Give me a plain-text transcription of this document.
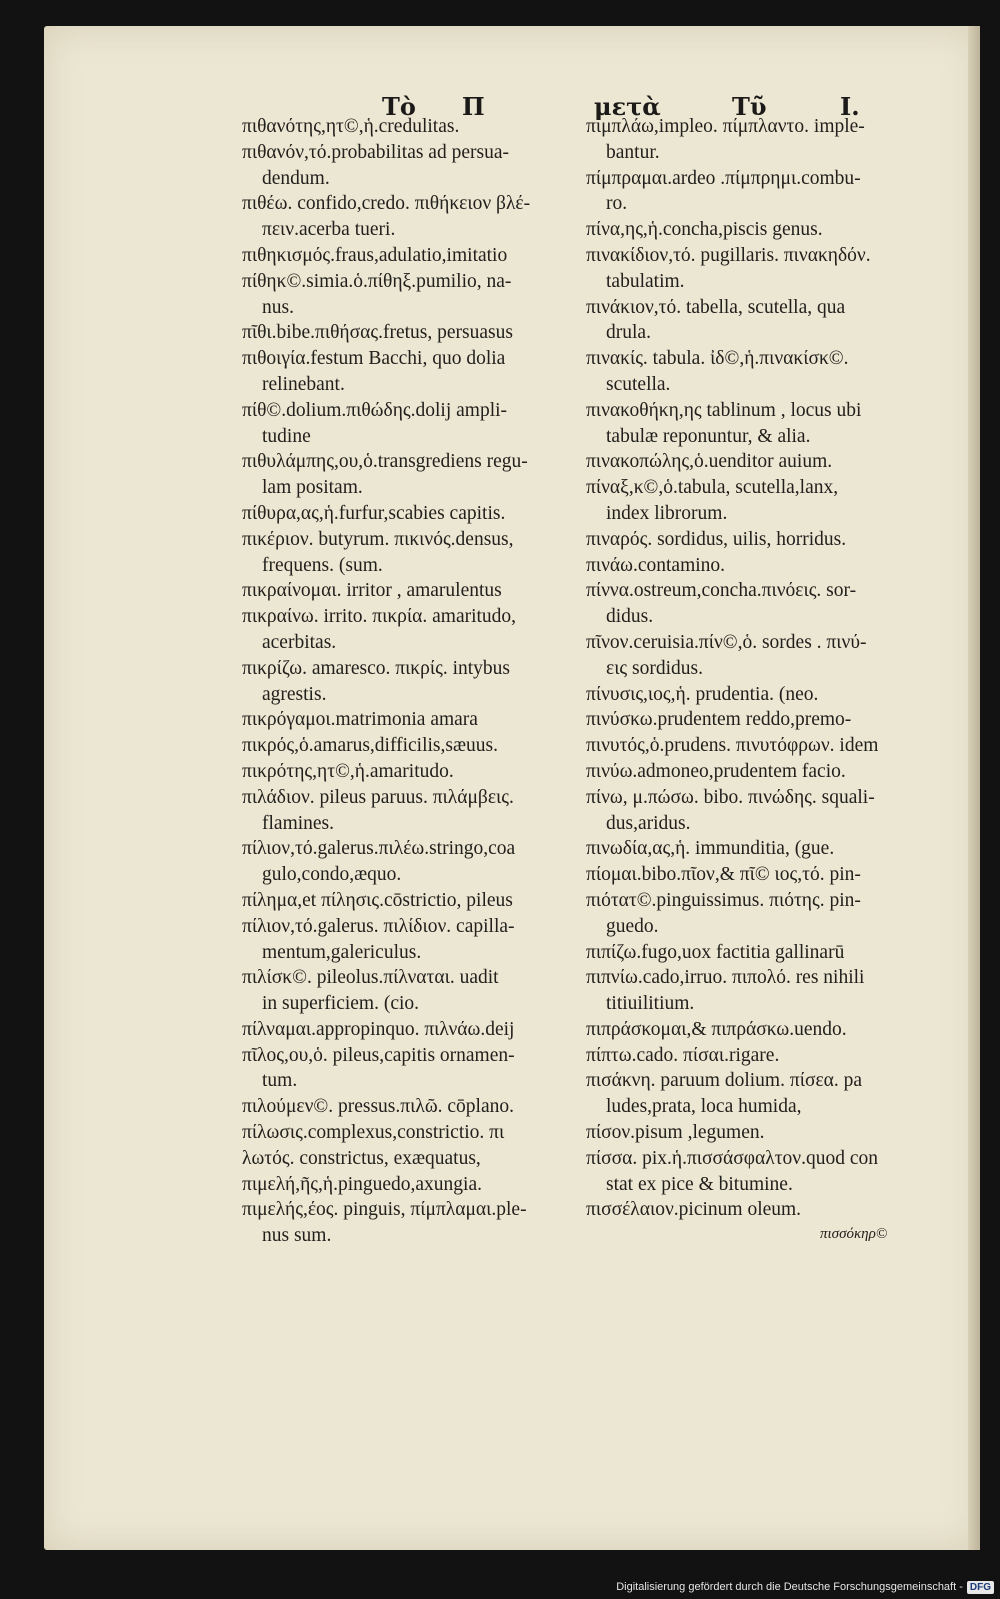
Τὸ Π	μετὰ	Τῦ	Ι.
πιθανότης,ητ©,ἡ.credulitas.
πιθανόν,τό.probabilitas ad persua-
dendum.
πιθέω. confido,credo. πιθήκειον βλέ-
πειν.acerba tueri.
πιθηκισμός.fraus,adulatio,imitatio
πίθηκ©.simia.ὁ.πίθηξ.pumilio, na-
nus.
πῖθι.bibe.πιθήσας.fretus, persuasus
πιθοιγία.festum Bacchi, quo dolia
relinebant.
πίθ©.dolium.πιθώδης.dolij ampli-
tudine
πιθυλάμπης,ου,ὁ.transgrediens regu-
lam positam.
πίθυρα,ας,ἡ.furfur,scabies capitis.
πικέριον. butyrum. πικινός.densus,
frequens. (sum.
πικραίνομαι. irritor , amarulentus
πικραίνω. irrito. πικρία. amaritudo,
acerbitas.
πικρίζω. amaresco. πικρίς. intybus
agrestis.
πικρόγαμοι.matrimonia amara
πικρός,ὁ.amarus,difficilis,sæuus.
πικρότης,ητ©,ἡ.amaritudo.
πιλάδιον. pileus paruus. πιλάμβεις.
flamines.
πίλιον,τό.galerus.πιλέω.stringo,coa
gulo,condo,æquo.
πίλημα,et πίλησις.cōstrictio, pileus
πίλιον,τό.galerus. πιλίδιον. capilla-
mentum,galericulus.
πιλίσκ©. pileolus.πίλναται. uadit
in superficiem. (cio.
πίλναμαι.appropinquo. πιλνάω.deij
πῖλος,ου,ὁ. pileus,capitis ornamen-
tum.
πιλούμεν©. pressus.πιλῶ. cōplano.
πίλωσις.complexus,constrictio. πι
λωτός. constrictus, exæquatus,
πιμελή,ῆς,ἡ.pinguedo,axungia.
πιμελής,έος. pinguis, πίμπλαμαι.ple-
nus sum.
πιμπλάω,impleo. πίμπλαντο. imple-
bantur.
πίμπραμαι.ardeo .πίμπρημι.combu-
ro.
πίνα,ης,ἡ.concha,piscis genus.
πινακίδιον,τό. pugillaris. πινακηδόν.
tabulatim.
πινάκιον,τό. tabella, scutella, qua
drula.
πινακίς. tabula. ἰδ©,ἡ.πινακίσκ©.
scutella.
πινακοθήκη,ης tablinum , locus ubi
tabulæ reponuntur, & alia.
πινακοπώλης,ὁ.uenditor auium.
πίναξ,κ©,ὁ.tabula, scutella,lanx,
index librorum.
πιναρός. sordidus, uilis, horridus.
πινάω.contamino.
πίννα.ostreum,concha.πινόεις. sor-
didus.
πῖνον.ceruisia.πίν©,ὁ. sordes . πινύ-
εις sordidus.
πίνυσις,ιος,ἡ. prudentia. (neo.
πινύσκω.prudentem reddo,premo-
πινυτός,ὁ.prudens. πινυτόφρων. idem
πινύω.admoneo,prudentem facio.
πίνω, μ.πώσω. bibo. πινώδης. squali-
dus,aridus.
πινωδία,ας,ἡ. immunditia, (gue.
πίομαι.bibo.πῖον,& πῖ© ιος,τό. pin-
πιότατ©.pinguissimus. πιότης. pin-
guedo.
πιπίζω.fugo,uox factitia gallinarū
πιπνίω.cado,irruo. πιπολό. res nihili
titiuilitium.
πιπράσκομαι,& πιπράσκω.uendo.
πίπτω.cado. πίσαι.rigare.
πισάκνη. paruum dolium. πίσεα. pa
ludes,prata, loca humida,
πίσον.pisum ,legumen.
πίσσα. pix.ἡ.πισσάσφαλτον.quod con
stat ex pice & bitumine.
πισσέλαιον.picinum oleum.
πισσόκηρ©
Digitalisierung gefördert durch die Deutsche Forschungsgemeinschaft - DFG
